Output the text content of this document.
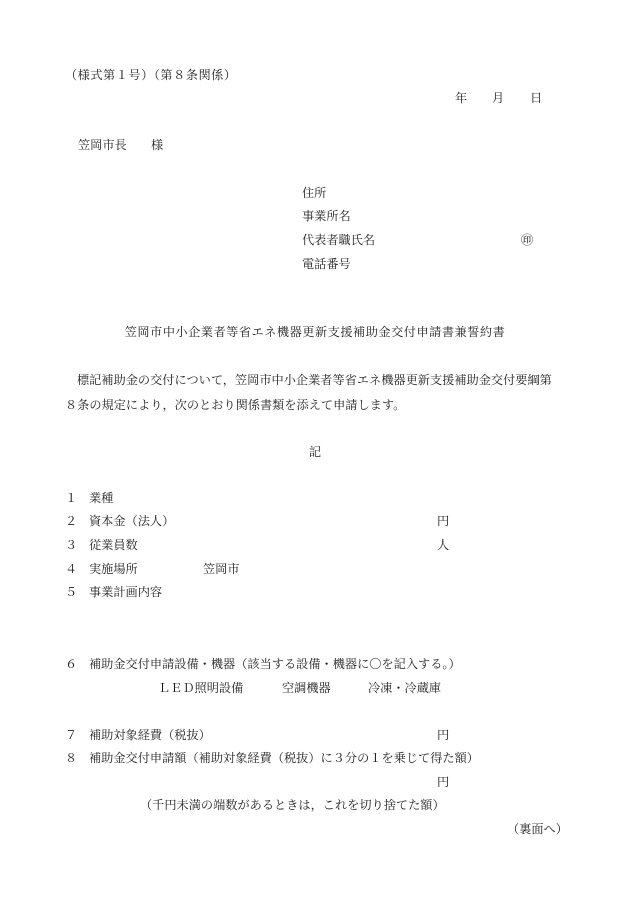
（様式第１号）（第８条関係）
年 月 日
笠岡市長 様
住所
事業所名
代表者職氏名	㊞
電話番号
笠岡市中小企業者等省エネ機器更新支援補助金交付申請書兼誓約書
標記補助金の交付について，笠岡市中小企業者等省エネ機器更新支援補助金交付要綱第
８条の規定により，次のとおり関係書類を添えて申請します。
記
１ 業種
２ 資本金（法人）	円
３ 従業員数	人
４ 実施場所	笠岡市
５ 事業計画内容
６ 補助金交付申請設備・機器（該当する設備・機器に〇を記入する。）
ＬＥＤ照明設備	空調機器	冷凍・冷蔵庫
７ 補助対象経費（税抜）	円
８ 補助金交付申請額（補助対象経費（税抜）に３分の１を乗じて得た額）
円
（千円未満の端数があるときは，これを切り捨てた額）
（裏面へ）
